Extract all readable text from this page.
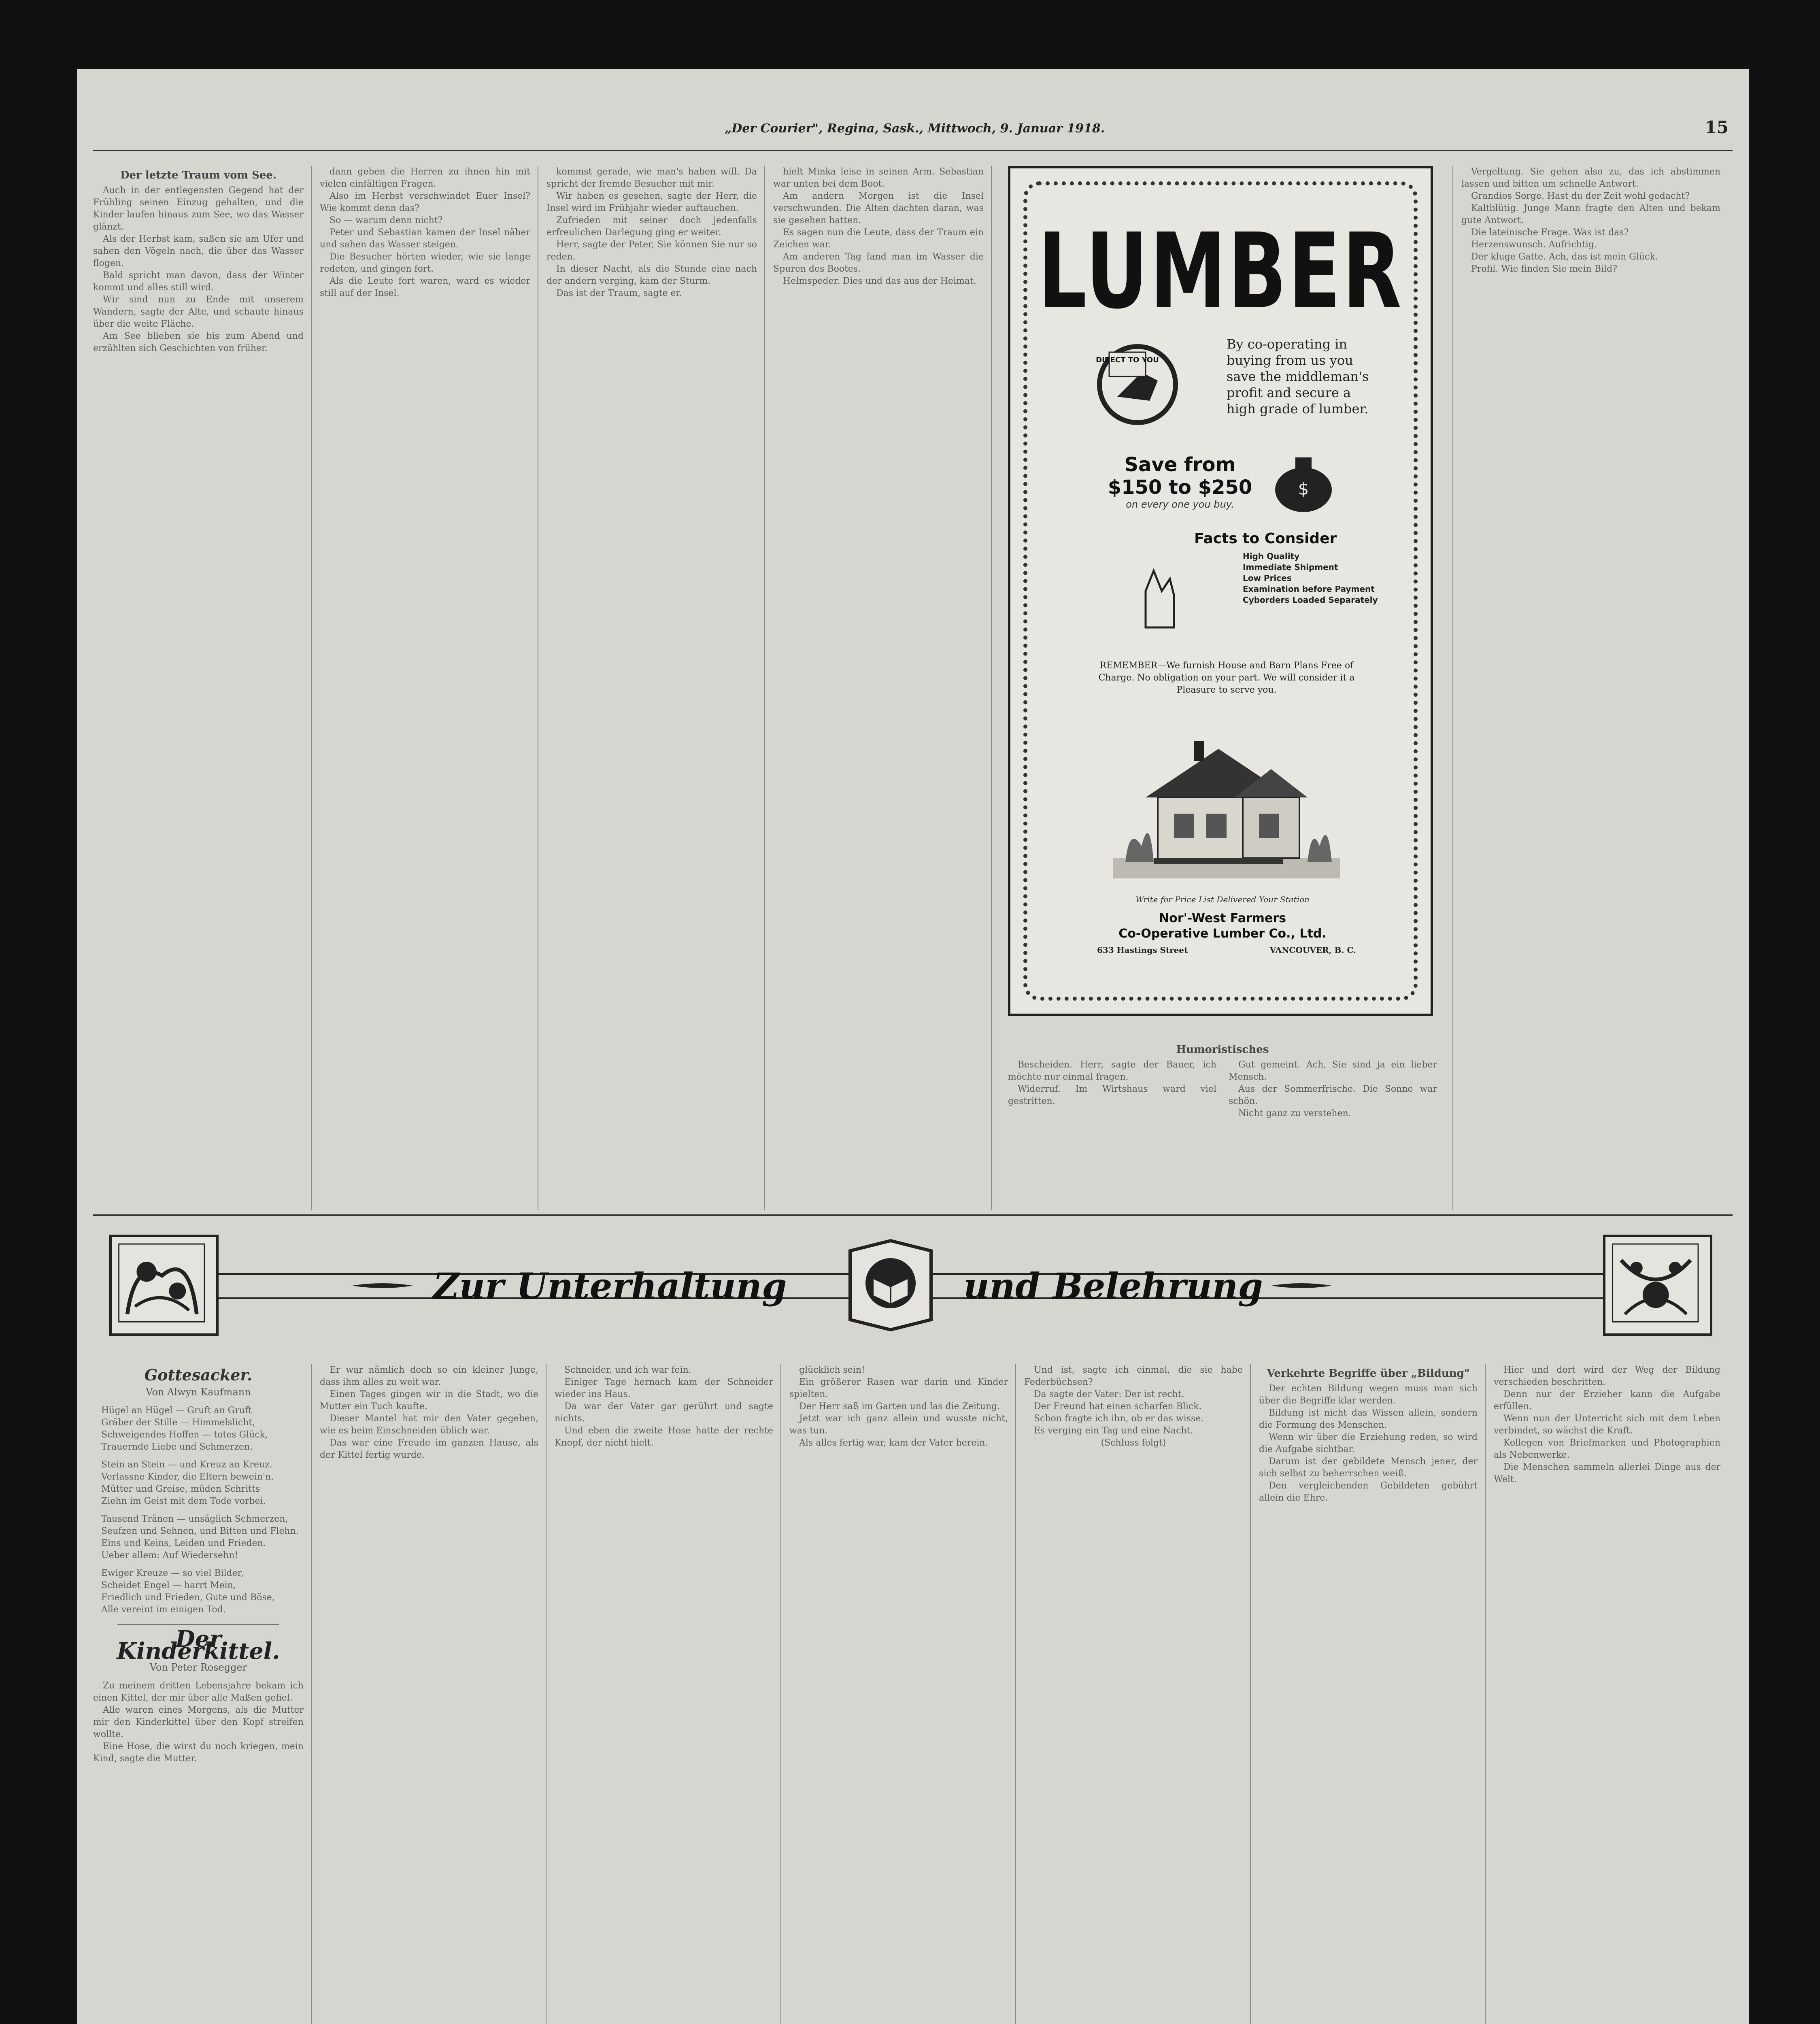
„Der Courier", Regina, Sask., Mittwoch, 9. Januar 1918.	15
Der letzte Traum vom See.

Auch in der entlegensten Gegend hat der Frühling seinen Einzug gehalten, und die Kinder laufen hinaus zum See, wo das Wasser glänzt.

Als der Herbst kam, saßen sie am Ufer und sahen den Vögeln nach, die über das Wasser flogen.

Bald spricht man davon, dass der Winter kommt und alles still wird.

Wir sind nun zu Ende mit unserem Wandern, sagte der Alte, und schaute hinaus über die weite Fläche.

Am See blieben sie bis zum Abend und erzählten sich Geschichten von früher.

dann geben die Herren zu ihnen hin mit vielen einfältigen Fragen.

Also im Herbst verschwindet Euer Insel? Wie kommt denn das?

So — warum denn nicht?

Peter und Sebastian kamen der Insel näher und sahen das Wasser steigen.

Die Besucher hörten wieder, wie sie lange redeten, und gingen fort.

Als die Leute fort waren, ward es wieder still auf der Insel.

kommst gerade, wie man's haben will. Da spricht der fremde Besucher mit mir.

Wir haben es gesehen, sagte der Herr, die Insel wird im Frühjahr wieder auftauchen.

Zufrieden mit seiner doch jedenfalls erfreulichen Darlegung ging er weiter.

Herr, sagte der Peter, Sie können Sie nur so reden.

In dieser Nacht, als die Stunde eine nach der andern verging, kam der Sturm.

Das ist der Traum, sagte er.

hielt Minka leise in seinen Arm. Sebastian war unten bei dem Boot.

Am andern Morgen ist die Insel verschwunden. Die Alten dachten daran, was sie gesehen hatten.

Es sagen nun die Leute, dass der Traum ein Zeichen war.

Am anderen Tag fand man im Wasser die Spuren des Bootes.

Helmspeder. Dies und das aus der Heimat. LUMBER
DIRECT TO YOU
By co-operating in buying from us you save the middleman's profit and secure a high grade of lumber.
Save from
$150 to $250
on every one you buy.
$
Facts to Consider
High Quality
Immediate Shipment
Low Prices
Examination before Payment
Cyborders Loaded Separately
REMEMBER—We furnish House and Barn Plans Free of Charge. No obligation on your part. We will consider it a Pleasure to serve you.
Write for Price List Delivered Your Station
Nor'-West Farmers
Co-Operative Lumber Co., Ltd.
633 Hastings Street	VANCOUVER, B. C.
Humoristisches

Bescheiden. Herr, sagte der Bauer, ich möchte nur einmal fragen.

Widerruf. Im Wirtshaus ward viel gestritten.

Gut gemeint. Ach, Sie sind ja ein lieber Mensch.

Aus der Sommerfrische. Die Sonne war schön.

Nicht ganz zu verstehen.

Vergeltung. Sie gehen also zu, das ich abstimmen lassen und bitten um schnelle Antwort.

Grandios Sorge. Hast du der Zeit wohl gedacht?

Kaltblütig. Junge Mann fragte den Alten und bekam gute Antwort.

Die lateinische Frage. Was ist das?

Herzenswunsch. Aufrichtig.

Der kluge Gatte. Ach, das ist mein Glück.

Profil. Wie finden Sie mein Bild?

Zur Unterhaltung	und Belehrung
Gottesacker.
Von Alwyn Kaufmann
Hügel an Hügel — Gruft an Gruft
Gräber der Stille — Himmelslicht,
Schweigendes Hoffen — totes Glück,
Trauernde Liebe und Schmerzen.
Stein an Stein — und Kreuz an Kreuz.
Verlassne Kinder, die Eltern bewein'n.
Mütter und Greise, müden Schritts
Ziehn im Geist mit dem Tode vorbei.
Tausend Tränen — unsäglich Schmerzen,
Seufzen und Sehnen, und Bitten und Flehn.
Eins und Keins, Leiden und Frieden.
Ueber allem: Auf Wiedersehn!
Ewiger Kreuze — so viel Bilder,
Scheidet Engel — harrt Mein,
Friedlich und Frieden, Gute und Böse,
Alle vereint im einigen Tod.
Der Kinderkittel.
Von Peter Rosegger

Zu meinem dritten Lebensjahre bekam ich einen Kittel, der mir über alle Maßen gefiel.

Alle waren eines Morgens, als die Mutter mir den Kinderkittel über den Kopf streifen wollte.

Eine Hose, die wirst du noch kriegen, mein Kind, sagte die Mutter.

Er war nämlich doch so ein kleiner Junge, dass ihm alles zu weit war.

Einen Tages gingen wir in die Stadt, wo die Mutter ein Tuch kaufte.

Dieser Mantel hat mir den Vater gegeben, wie es beim Einschneiden üblich war.

Das war eine Freude im ganzen Hause, als der Kittel fertig wurde.

Schneider, und ich war fein.

Einiger Tage hernach kam der Schneider wieder ins Haus.

Da war der Vater gar gerührt und sagte nichts.

Und eben die zweite Hose hatte der rechte Knopf, der nicht hielt.

glücklich sein!

Ein größerer Rasen war darin und Kinder spielten.

Der Herr saß im Garten und las die Zeitung.

Jetzt war ich ganz allein und wusste nicht, was tun.

Als alles fertig war, kam der Vater herein.

Und ist, sagte ich einmal, die sie habe Federbüchsen?

Da sagte der Vater: Der ist recht.

Der Freund hat einen scharfen Blick.

Schon fragte ich ihn, ob er das wisse.

Es verging ein Tag und eine Nacht.

(Schluss folgt)

Verkehrte Begriffe über „Bildung"

Der echten Bildung wegen muss man sich über die Begriffe klar werden.

Bildung ist nicht das Wissen allein, sondern die Formung des Menschen.

Wenn wir über die Erziehung reden, so wird die Aufgabe sichtbar.

Darum ist der gebildete Mensch jener, der sich selbst zu beherrschen weiß.

Den vergleichenden Gebildeten gebührt allein die Ehre.

Hier und dort wird der Weg der Bildung verschieden beschritten.

Denn nur der Erzieher kann die Aufgabe erfüllen.

Wenn nun der Unterricht sich mit dem Leben verbindet, so wächst die Kraft.

Kollegen von Briefmarken und Photographien als Nebenwerke.

Die Menschen sammeln allerlei Dinge aus der Welt.
